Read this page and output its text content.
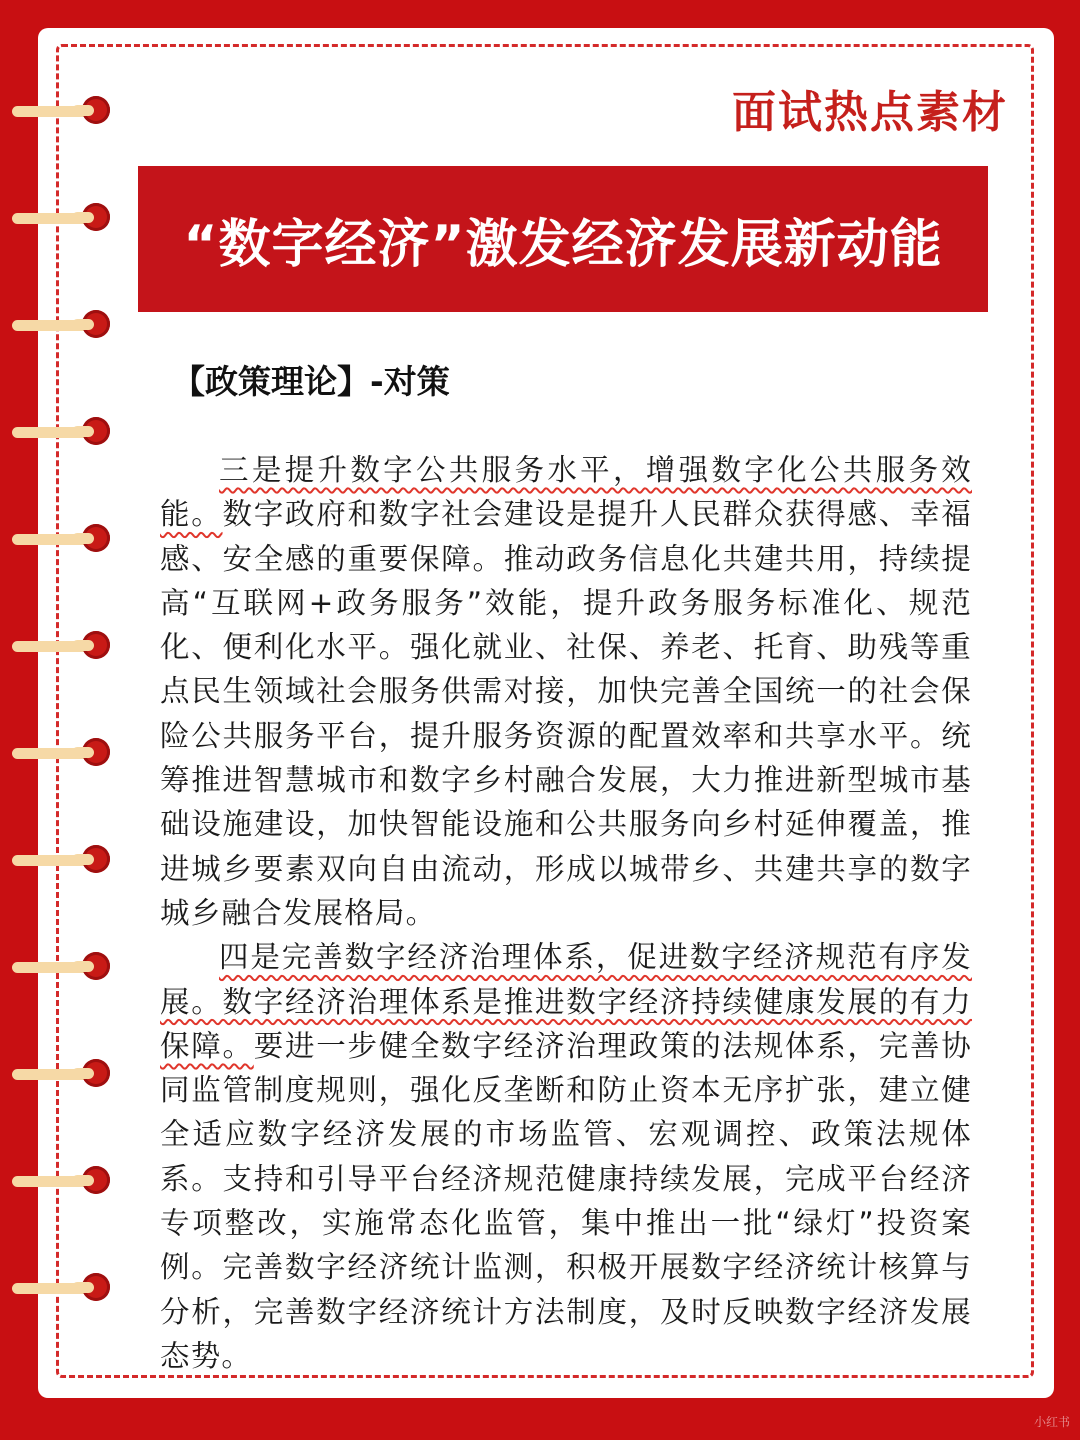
面试热点素材
“数字经济”激发经济发展新动能
【政策理论】-对策

三是提升数字公共服务水平，增强数字化公共服务效能。数字政府和数字社会建设是提升人民群众获得感、幸福感、安全感的重要保障。推动政务信息化共建共用，持续提高“互联网+政务服务”效能，提升政务服务标准化、规范化、便利化水平。强化就业、社保、养老、托育、助残等重点民生领域社会服务供需对接，加快完善全国统一的社会保险公共服务平台，提升服务资源的配置效率和共享水平。统筹推进智慧城市和数字乡村融合发展，大力推进新型城市基础设施建设，加快智能设施和公共服务向乡村延伸覆盖，推进城乡要素双向自由流动，形成以城带乡、共建共享的数字城乡融合发展格局。

四是完善数字经济治理体系，促进数字经济规范有序发展。数字经济治理体系是推进数字经济持续健康发展的有力保障。要进一步健全数字经济治理政策的法规体系，完善协同监管制度规则，强化反垄断和防止资本无序扩张，建立健全适应数字经济发展的市场监管、宏观调控、政策法规体系。支持和引导平台经济规范健康持续发展，完成平台经济专项整改，实施常态化监管，集中推出一批“绿灯”投资案例。完善数字经济统计监测，积极开展数字经济统计核算与分析，完善数字经济统计方法制度，及时反映数字经济发展态势。

小红书
